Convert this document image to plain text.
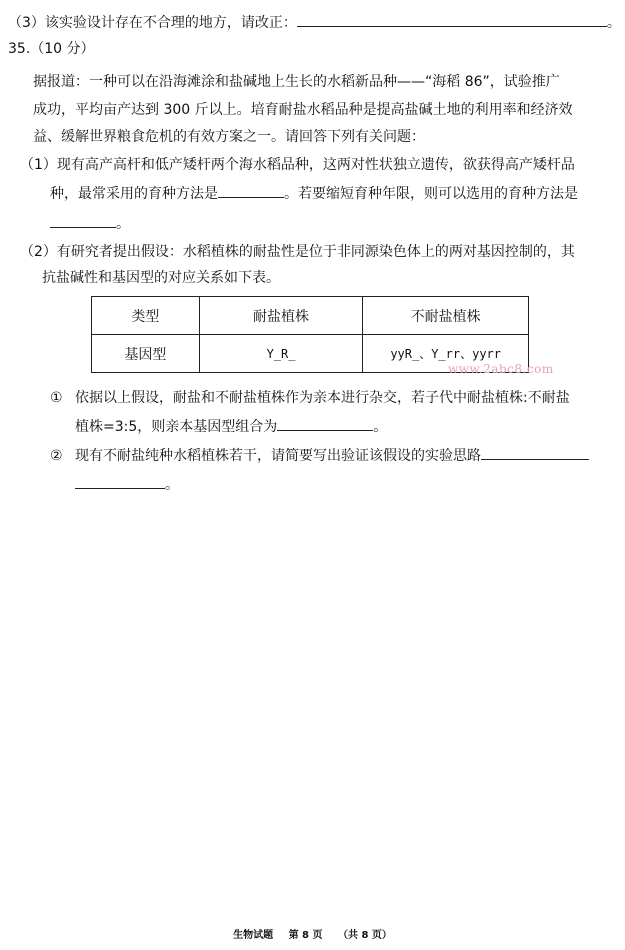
（3）该实验设计存在不合理的地方，请改正：	。
35.（10 分）
据报道：一种可以在沿海滩涂和盐碱地上生长的水稻新品种——“海稻 86”，试验推广
成功，平均亩产达到 300 斤以上。培育耐盐水稻品种是提高盐碱土地的利用率和经济效
益、缓解世界粮食危机的有效方案之一。请回答下列有关问题：
（1）现有高产高杆和低产矮杆两个海水稻品种，这两对性状独立遗传，欲获得高产矮杆品
种，最常采用的育种方法是	。若要缩短育种年限，则可以选用的育种方法是
。
（2）有研究者提出假设：水稻植株的耐盐性是位于非同源染色体上的两对基因控制的，其
抗盐碱性和基因型的对应关系如下表。
类型	耐盐植株	不耐盐植株
基因型	Y_R_	yyR_、Y_rr、yyrr
www.2abc8.com
① 依据以上假设，耐盐和不耐盐植株作为亲本进行杂交，若子代中耐盐植株:不耐盐
植株=3:5，则亲本基因型组合为	。
② 现有不耐盐纯种水稻植株若干，请简要写出验证该假设的实验思路
。
生物试题 第 8 页 （共 8 页）
